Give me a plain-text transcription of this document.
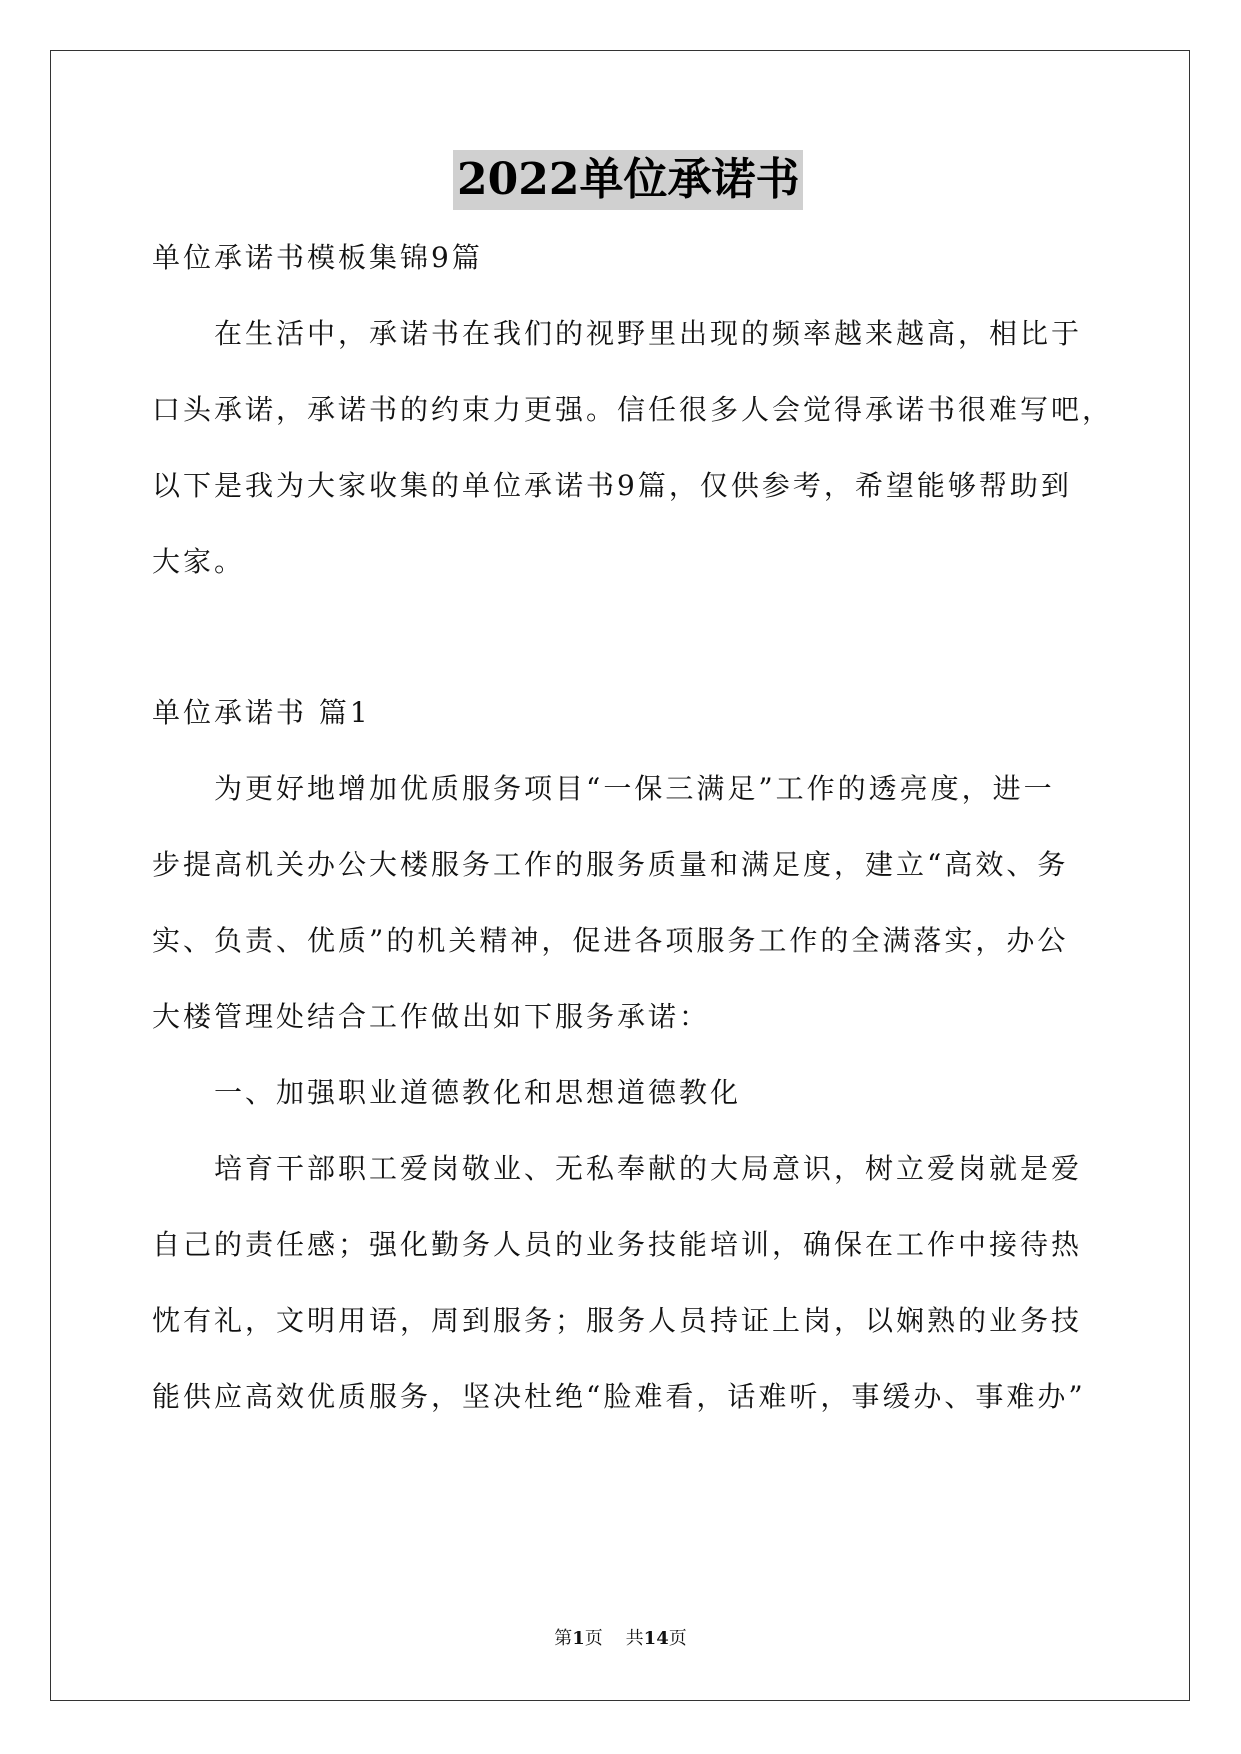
2022单位承诺书
单位承诺书模板集锦9篇
在生活中，承诺书在我们的视野里出现的频率越来越高，相比于
口头承诺，承诺书的约束力更强。信任很多人会觉得承诺书很难写吧，
以下是我为大家收集的单位承诺书9篇，仅供参考，希望能够帮助到
大家。
单位承诺书 篇1
为更好地增加优质服务项目“一保三满足”工作的透亮度，进一
步提高机关办公大楼服务工作的服务质量和满足度，建立“高效、务
实、负责、优质”的机关精神，促进各项服务工作的全满落实，办公
大楼管理处结合工作做出如下服务承诺：
一、加强职业道德教化和思想道德教化
培育干部职工爱岗敬业、无私奉献的大局意识，树立爱岗就是爱
自己的责任感；强化勤务人员的业务技能培训，确保在工作中接待热
忱有礼，文明用语，周到服务；服务人员持证上岗，以娴熟的业务技
能供应高效优质服务，坚决杜绝“脸难看，话难听，事缓办、事难办”
第1页 共14页
